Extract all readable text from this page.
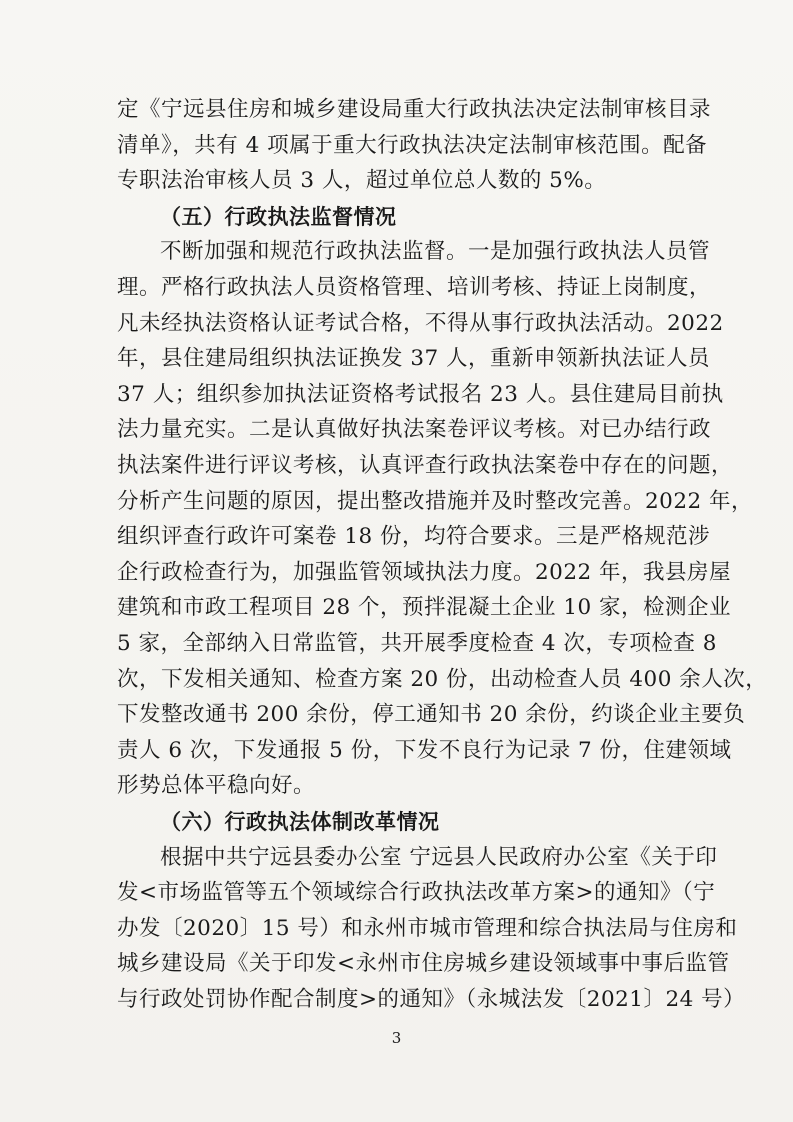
定《宁远县住房和城乡建设局重大行政执法决定法制审核目录
清单》，共有 4 项属于重大行政执法决定法制审核范围。配备
专职法治审核人员 3 人，超过单位总人数的 5%。
（五）行政执法监督情况
不断加强和规范行政执法监督。一是加强行政执法人员管
理。严格行政执法人员资格管理、培训考核、持证上岗制度，
凡未经执法资格认证考试合格，不得从事行政执法活动。2022
年，县住建局组织执法证换发 37 人，重新申领新执法证人员
37 人；组织参加执法证资格考试报名 23 人。县住建局目前执
法力量充实。二是认真做好执法案卷评议考核。对已办结行政
执法案件进行评议考核，认真评查行政执法案卷中存在的问题，
分析产生问题的原因，提出整改措施并及时整改完善。2022 年，
组织评查行政许可案卷 18 份，均符合要求。三是严格规范涉
企行政检查行为，加强监管领域执法力度。2022 年，我县房屋
建筑和市政工程项目 28 个，预拌混凝土企业 10 家，检测企业
5 家，全部纳入日常监管，共开展季度检查 4 次，专项检查 8
次，下发相关通知、检查方案 20 份，出动检查人员 400 余人次，
下发整改通书 200 余份，停工通知书 20 余份，约谈企业主要负
责人 6 次，下发通报 5 份，下发不良行为记录 7 份，住建领域
形势总体平稳向好。
（六）行政执法体制改革情况
根据中共宁远县委办公室 宁远县人民政府办公室《关于印
发<市场监管等五个领域综合行政执法改革方案>的通知》（宁
办发〔2020〕15 号）和永州市城市管理和综合执法局与住房和
城乡建设局《关于印发<永州市住房城乡建设领域事中事后监管
与行政处罚协作配合制度>的通知》（永城法发〔2021〕24 号）
3
